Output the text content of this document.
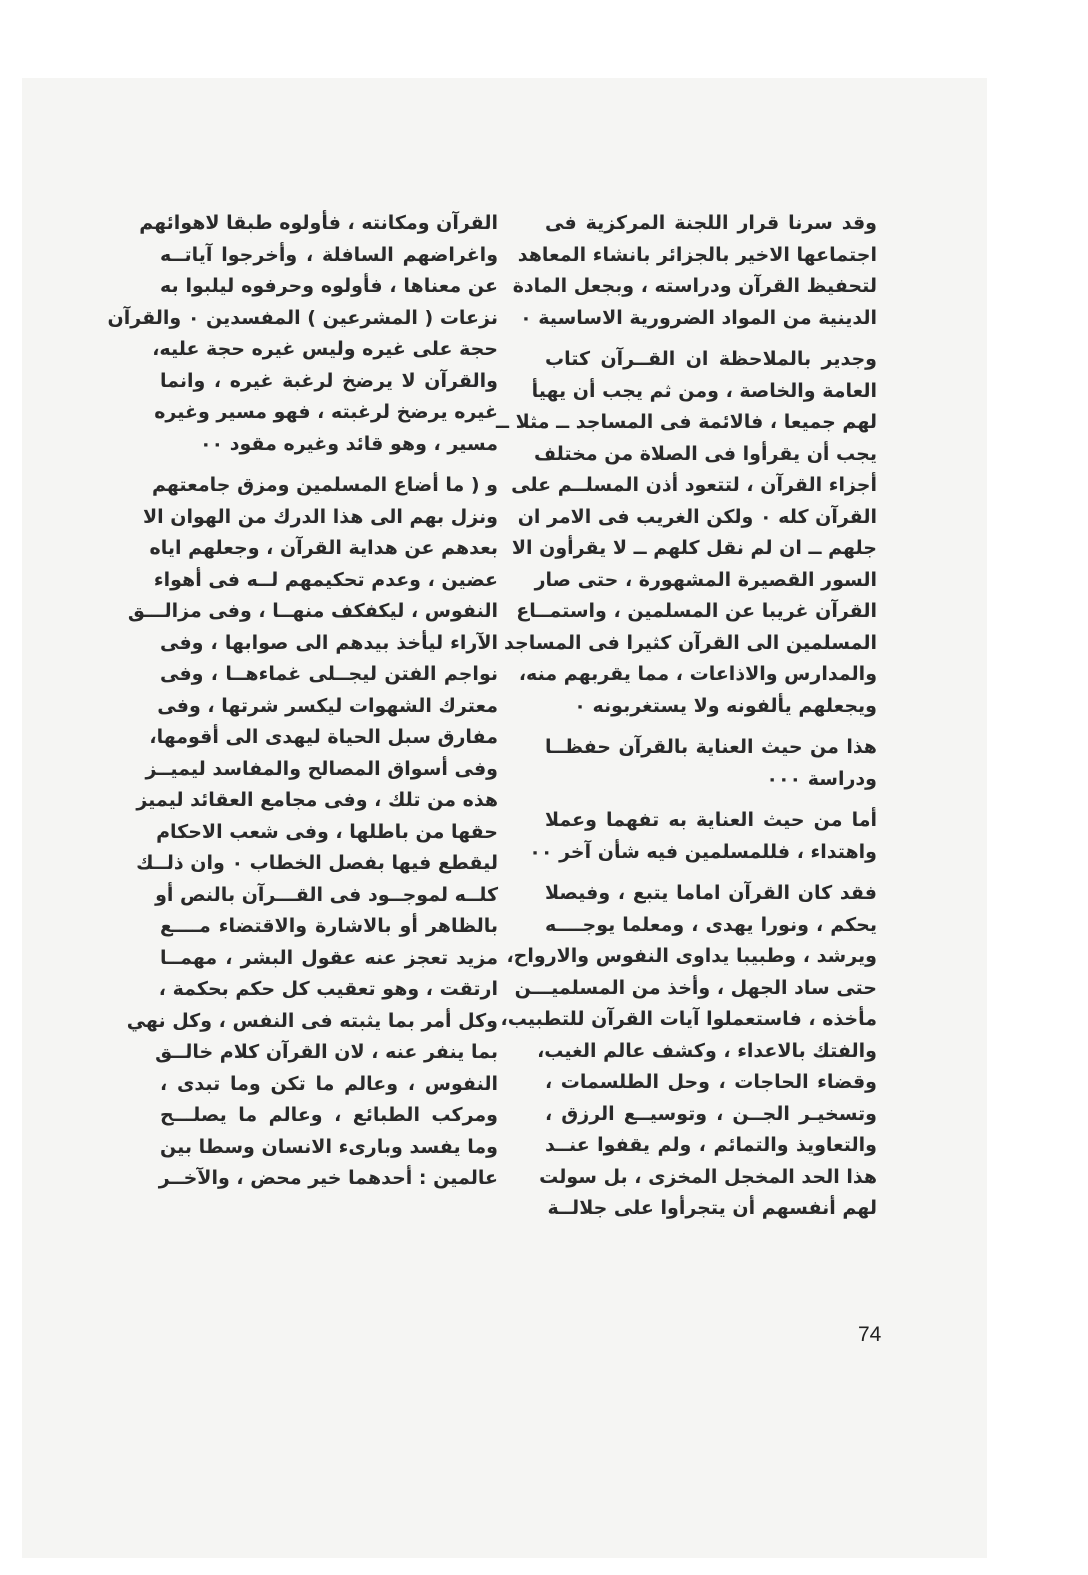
وقد سرنا قرار اللجنة المركزية فى
اجتماعها الاخير بالجزائر بانشاء المعاهد
لتحفيظ القرآن ودراسته ، وبجعل المادة
الدينية من المواد الضرورية الاساسية ٠
وجدير بالملاحظة ان القــرآن كتاب
العامة والخاصة ، ومن ثم يجب أن يهيأ
لهم جميعا ، فالائمة فى المساجد ــ مثلا ــ
يجب أن يقرأوا فى الصلاة من مختلف
أجزاء القرآن ، لتتعود أذن المسلــم على
القرآن كله ٠ ولكن الغريب فى الامر ان
جلهم ــ ان لم نقل كلهم ــ لا يقرأون الا
السور القصيرة المشهورة ، حتى صار
القرآن غريبا عن المسلمين ، واستمــاع
المسلمين الى القرآن كثيرا فى المساجد
والمدارس والاذاعات ، مما يقربهم منه،
ويجعلهم يألفونه ولا يستغربونه ٠
هذا من حيث العناية بالقرآن حفظــا
ودراسة ٠٠٠
أما من حيث العناية به تفهما وعملا
واهتداء ، فللمسلمين فيه شأن آخر ٠٠
فقد كان القرآن اماما يتبع ، وفيصلا
يحكم ، ونورا يهدى ، ومعلما يوجــــه
ويرشد ، وطبيبا يداوى النفوس والارواح،
حتى ساد الجهل ، وأخذ من المسلميـــن
مأخذه ، فاستعملوا آيات القرآن للتطبيب،
والفتك بالاعداء ، وكشف عالم الغيب،
وقضاء الحاجات ، وحل الطلسمات ،
وتسخيـر الجــن ، وتوسيــع الرزق ،
والتعاويذ والتمائم ، ولم يقفوا عنــد
هذا الحد المخجل المخزى ، بل سولت
لهم أنفسهم أن يتجرأوا على جلالــة
القرآن ومكانته ، فأولوه طبقا لاهوائهم
واغراضهم السافلة ، وأخرجوا آياتــه
عن معناها ، فأولوه وحرفوه ليلبوا به
نزعات ( المشرعين ) المفسدين ٠ والقرآن
حجة على غيره وليس غيره حجة عليه،
والقرآن لا يرضخ لرغبة غيره ، وانما
غيره يرضخ لرغبته ، فهو مسير وغيره
مسير ، وهو قائد وغيره مقود ٠٠
و ( ما أضاع المسلمين ومزق جامعتهم
ونزل بهم الى هذا الدرك من الهوان الا
بعدهم عن هداية القرآن ، وجعلهم اياه
عضين ، وعدم تحكيمهم لــه فى أهواء
النفوس ، ليكفكف منهــا ، وفى مزالـــق
الآراء ليأخذ بيدهم الى صوابها ، وفى
نواجم الفتن ليجــلى غماءهــا ، وفى
معترك الشهوات ليكسر شرتها ، وفى
مفارق سبل الحياة ليهدى الى أقومها،
وفى أسواق المصالح والمفاسد ليميــز
هذه من تلك ، وفى مجامع العقائد ليميز
حقها من باطلها ، وفى شعب الاحكام
ليقطع فيها بفصل الخطاب ٠ وان ذلــك
كلــه لموجــود فى القـــرآن بالنص أو
بالظاهر أو بالاشارة والاقتضاء مــــع
مزيد تعجز عنه عقول البشر ، مهمــا
ارتقت ، وهو تعقيب كل حكم بحكمة ،
وكل أمر بما يثبته فى النفس ، وكل نهي
بما ينفر عنه ، لان القرآن كلام خالــق
النفوس ، وعالم ما تكن وما تبدى ،
ومركب الطبائع ، وعالم ما يصلـــح
وما يفسد وبارىء الانسان وسطا بين
عالمين : أحدهما خير محض ، والآخــر
74
